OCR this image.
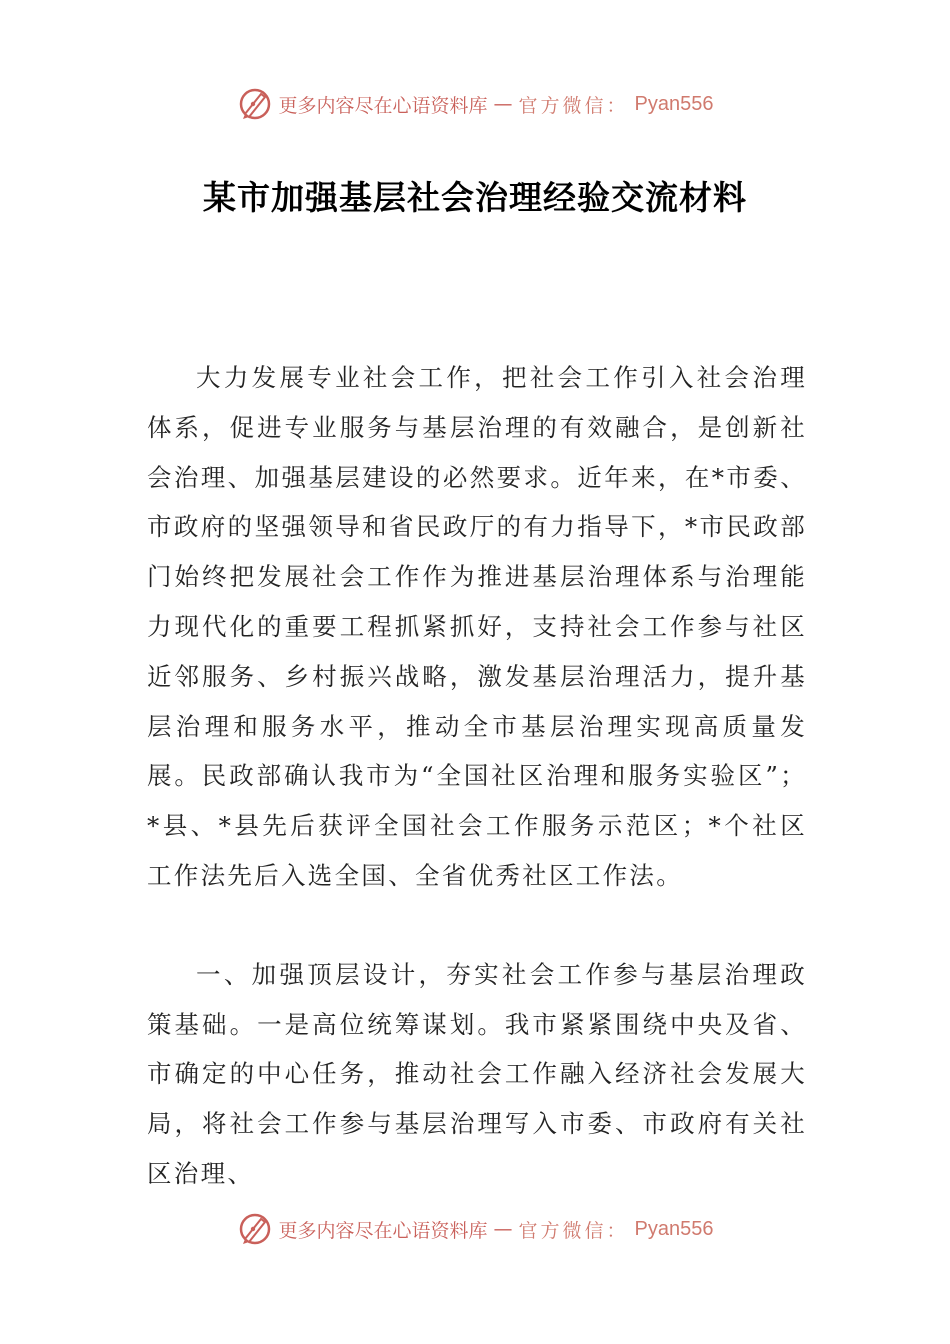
更多内容尽在心语资料库 — 官方微信： Pyan556
某市加强基层社会治理经验交流材料

大力发展专业社会工作，把社会工作引入社会治理体系，促进专业服务与基层治理的有效融合，是创新社会治理、加强基层建设的必然要求。近年来，在*市委、市政府的坚强领导和省民政厅的有力指导下，*市民政部门始终把发展社会工作作为推进基层治理体系与治理能力现代化的重要工程抓紧抓好，支持社会工作参与社区近邻服务、乡村振兴战略，激发基层治理活力，提升基层治理和服务水平，推动全市基层治理实现高质量发展。民政部确认我市为“全国社区治理和服务实验区”；*县、*县先后获评全国社会工作服务示范区；*个社区工作法先后入选全国、全省优秀社区工作法。

一、加强顶层设计，夯实社会工作参与基层治理政策基础。一是高位统筹谋划。我市紧紧围绕中央及省、市确定的中心任务，推动社会工作融入经济社会发展大局，将社会工作参与基层治理写入市委、市政府有关社区治理、

更多内容尽在心语资料库 — 官方微信： Pyan556
